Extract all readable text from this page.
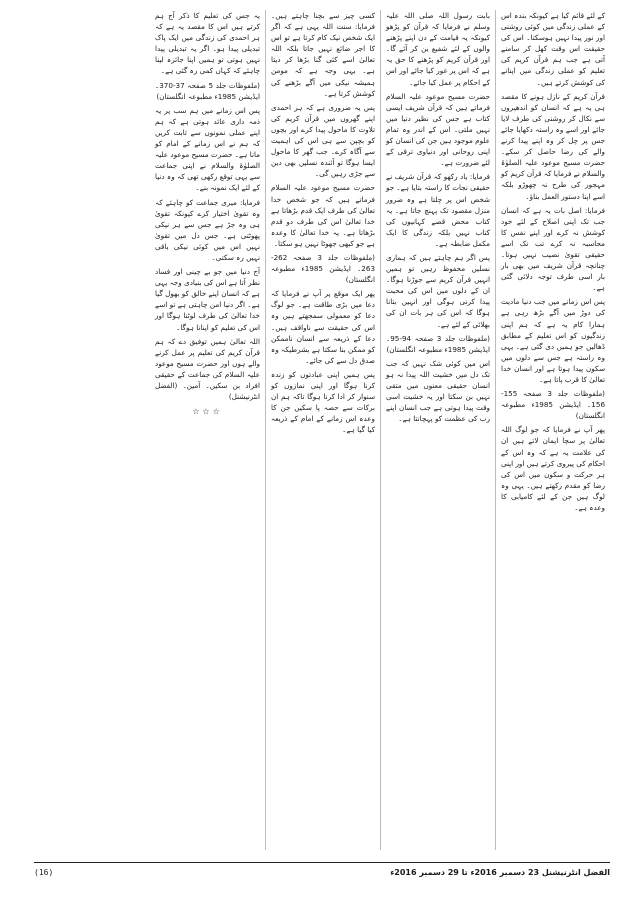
کے لئے قائم کیا ہے کیونکہ بندہ اس کے عملی زندگی میں کوئی روشنی اور نور پیدا نہیں ہوسکتا۔ اس کی حقیقت اس وقت کھل کر سامنے آتی ہے جب ہم قرآن کریم کی تعلیم کو عملی زندگی میں اپنانے کی کوشش کرتے ہیں۔

قرآن کریم کے نازل ہونے کا مقصد ہی یہ ہے کہ انسان کو اندھیروں سے نکال کر روشنی کی طرف لایا جائے اور اسے وہ راستہ دکھایا جائے جس پر چل کر وہ اپنے پیدا کرنے والے کی رضا حاصل کر سکے۔ حضرت مسیح موعود علیہ الصلوٰۃ والسلام نے فرمایا کہ قرآن کریم کو مہجور کی طرح نہ چھوڑو بلکہ اسے اپنا دستور العمل بناؤ۔

فرمایا: اصل بات یہ ہے کہ انسان جب تک اپنی اصلاح کے لئے خود کوشش نہ کرے اور اپنے نفس کا محاسبہ نہ کرے تب تک اسے حقیقی تقویٰ نصیب نہیں ہوتا۔ چنانچہ قرآن شریف میں بھی بار بار اسی طرف توجہ دلائی گئی ہے۔

پس اس زمانے میں جب دنیا مادیت کی دوڑ میں آگے بڑھ رہی ہے ہمارا کام یہ ہے کہ ہم اپنی زندگیوں کو اس تعلیم کے مطابق ڈھالیں جو ہمیں دی گئی ہے۔ یہی وہ راستہ ہے جس سے دلوں میں سکون پیدا ہوتا ہے اور انسان خدا تعالیٰ کا قرب پاتا ہے۔

(ملفوظات جلد 3 صفحہ 155-156۔ ایڈیشن 1985ء مطبوعہ انگلستان)

پھر آپ نے فرمایا کہ جو لوگ اللہ تعالیٰ پر سچا ایمان لاتے ہیں ان کی علامت یہ ہے کہ وہ اس کے احکام کی پیروی کرتے ہیں اور اپنی ہر حرکت و سکون میں اس کی رضا کو مقدم رکھتے ہیں۔ یہی وہ لوگ ہیں جن کے لئے کامیابی کا وعدہ ہے۔

بابت رسول اللہ صلی اللہ علیہ وسلم نے فرمایا کہ قرآن کو پڑھو کیونکہ یہ قیامت کے دن اپنے پڑھنے والوں کے لئے شفیع بن کر آئے گا۔ اور قرآن کریم کو پڑھنے کا حق یہ ہے کہ اس پر غور کیا جائے اور اس کے احکام پر عمل کیا جائے۔

حضرت مسیح موعود علیہ السلام فرماتے ہیں کہ قرآن شریف ایسی کتاب ہے جس کی نظیر دنیا میں نہیں ملتی۔ اس کے اندر وہ تمام علوم موجود ہیں جن کی انسان کو اپنی روحانی اور دنیاوی ترقی کے لئے ضرورت ہے۔

فرمایا: یاد رکھو کہ قرآن شریف نے حقیقی نجات کا راستہ بتایا ہے۔ جو شخص اس پر چلتا ہے وہ ضرور منزل مقصود تک پہنچ جاتا ہے۔ یہ کتاب محض قصے کہانیوں کی کتاب نہیں بلکہ زندگی کا ایک مکمل ضابطہ ہے۔

پس اگر ہم چاہتے ہیں کہ ہماری نسلیں محفوظ رہیں تو ہمیں انہیں قرآن کریم سے جوڑنا ہوگا۔ ان کے دلوں میں اس کی محبت پیدا کرنی ہوگی اور انہیں بتانا ہوگا کہ اس کی ہر بات ان کی بھلائی کے لئے ہے۔

(ملفوظات جلد 3 صفحہ 94-95۔ ایڈیشن 1985ء مطبوعہ انگلستان)

اس میں کوئی شک نہیں کہ جب تک دل میں خشیت اللہ پیدا نہ ہو انسان حقیقی معنوں میں متقی نہیں بن سکتا اور یہ خشیت اسی وقت پیدا ہوتی ہے جب انسان اپنے رب کی عظمت کو پہچانتا ہے۔

کسی چیز سے بچنا چاہتے ہیں۔ فرمایا: سنت اللہ یہی ہے کہ اگر ایک شخص نیک کام کرتا ہے تو اس کا اجر ضائع نہیں جاتا بلکہ اللہ تعالیٰ اسے کئی گنا بڑھا کر دیتا ہے۔ یہی وجہ ہے کہ مومن ہمیشہ نیکی میں آگے بڑھنے کی کوشش کرتا ہے۔

پس یہ ضروری ہے کہ ہر احمدی اپنے گھروں میں قرآن کریم کی تلاوت کا ماحول پیدا کرے اور بچوں کو بچپن سے ہی اس کی اہمیت سے آگاہ کرے۔ جب گھر کا ماحول ایسا ہوگا تو آئندہ نسلیں بھی دین سے جڑی رہیں گی۔

حضرت مسیح موعود علیہ السلام فرماتے ہیں کہ جو شخص خدا تعالیٰ کی طرف ایک قدم بڑھاتا ہے خدا تعالیٰ اس کی طرف دو قدم بڑھاتا ہے۔ یہ خدا تعالیٰ کا وعدہ ہے جو کبھی جھوٹا نہیں ہو سکتا۔

(ملفوظات جلد 3 صفحہ 262-263۔ ایڈیشن 1985ء مطبوعہ انگلستان)

پھر ایک موقع پر آپ نے فرمایا کہ دعا میں بڑی طاقت ہے۔ جو لوگ دعا کو معمولی سمجھتے ہیں وہ اس کی حقیقت سے ناواقف ہیں۔ دعا کے ذریعہ سے انسان ناممکن کو ممکن بنا سکتا ہے بشرطیکہ وہ صدق دل سے کی جائے۔

پس ہمیں اپنی عبادتوں کو زندہ کرنا ہوگا اور اپنی نمازوں کو سنوار کر ادا کرنا ہوگا تاکہ ہم ان برکات سے حصہ پا سکیں جن کا وعدہ اس زمانے کے امام کے ذریعہ کیا گیا ہے۔

یہ جس کی تعلیم کا ذکر آج ہم کرتے ہیں اس کا مقصد یہ ہے کہ ہر احمدی کی زندگی میں ایک پاک تبدیلی پیدا ہو۔ اگر یہ تبدیلی پیدا نہیں ہوتی تو ہمیں اپنا جائزہ لینا چاہئے کہ کہاں کمی رہ گئی ہے۔

(ملفوظات جلد 5 صفحہ 37-370۔ ایڈیشن 1985ء مطبوعہ انگلستان)

پس اس زمانے میں ہم سب پر یہ ذمہ داری عائد ہوتی ہے کہ ہم اپنے عملی نمونوں سے ثابت کریں کہ ہم نے اس زمانے کے امام کو مانا ہے۔ حضرت مسیح موعود علیہ الصلوٰۃ والسلام نے اپنی جماعت سے یہی توقع رکھی تھی کہ وہ دنیا کے لئے ایک نمونہ بنے۔

فرمایا: میری جماعت کو چاہئے کہ وہ تقویٰ اختیار کرے کیونکہ تقویٰ ہی وہ جڑ ہے جس سے ہر نیکی پھوٹتی ہے۔ جس دل میں تقویٰ نہیں اس میں کوئی نیکی باقی نہیں رہ سکتی۔

آج دنیا میں جو بے چینی اور فساد نظر آتا ہے اس کی بنیادی وجہ یہی ہے کہ انسان اپنے خالق کو بھول گیا ہے۔ اگر دنیا امن چاہتی ہے تو اسے خدا تعالیٰ کی طرف لوٹنا ہوگا اور اس کی تعلیم کو اپنانا ہوگا۔

اللہ تعالیٰ ہمیں توفیق دے کہ ہم قرآن کریم کی تعلیم پر عمل کرنے والے ہوں اور حضرت مسیح موعود علیہ السلام کی جماعت کے حقیقی افراد بن سکیں۔ آمین۔ (الفضل انٹرنیشنل)

☆☆☆
الفضل انٹرنیشنل 23 دسمبر 2016ء تا 29 دسمبر 2016ء
(16)
